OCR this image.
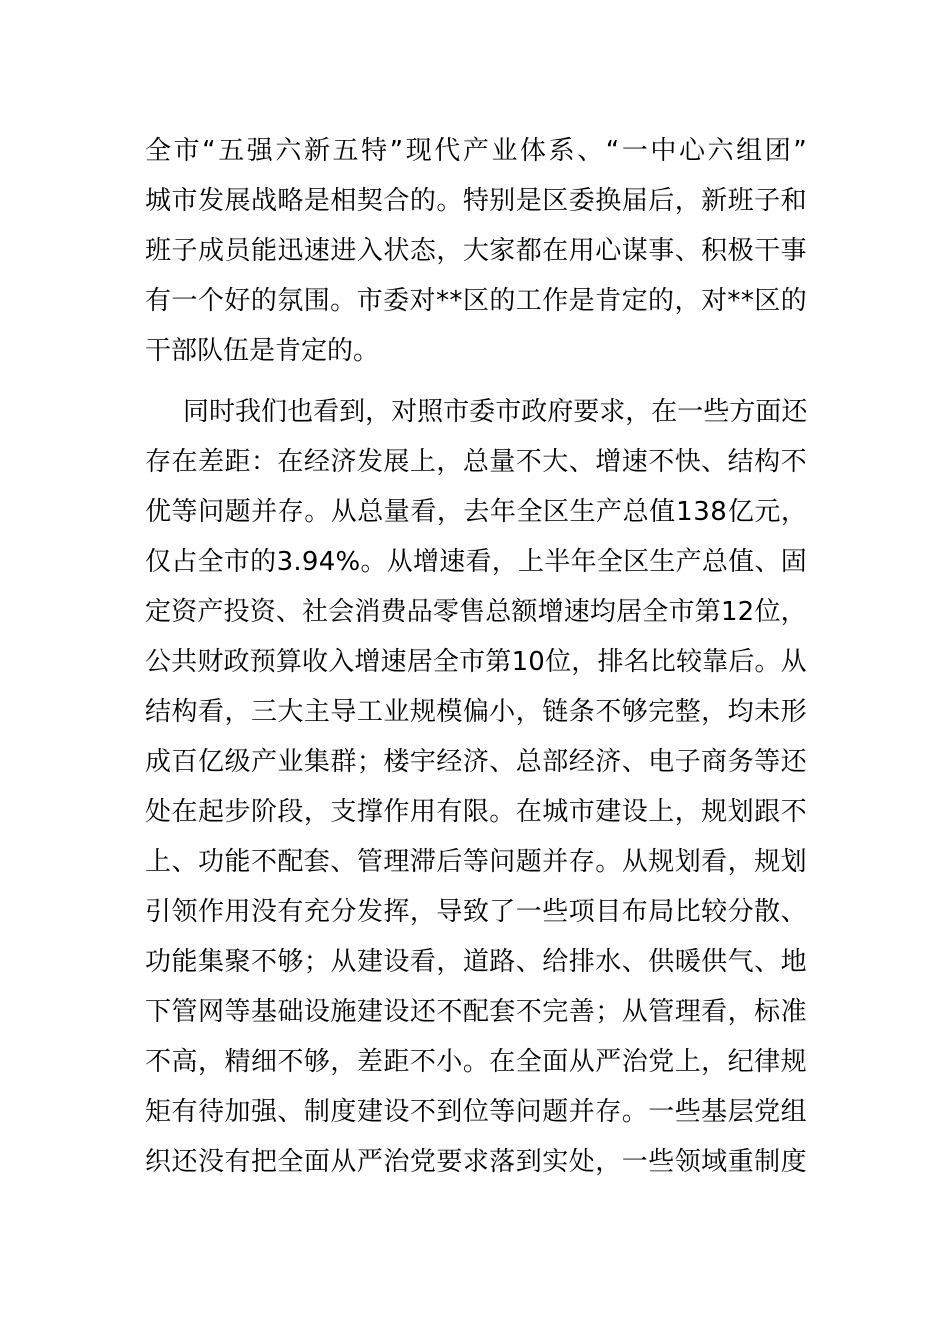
全 市 “ 五 强 六 新 五 特 ” 现 代 产 业 体 系 、 “ 一 中 心 六 组 团 ”
城 市 发 展 战 略 是 相 契 合 的 。 特 别 是 区 委 换 届 后 ， 新 班 子 和
班 子 成 员 能 迅 速 进 入 状 态 ， 大 家 都 在 用 心 谋 事 、 积 极 干 事
有 一 个 好 的 氛 围 。 市 委 对 * * 区 的 工 作 是 肯 定 的 ， 对 * * 区 的
干部队伍是肯定的。
同 时 我 们 也 看 到 ， 对 照 市 委 市 政 府 要 求 ， 在 一 些 方 面 还
存 在 差 距 ： 在 经 济 发 展 上 ， 总 量 不 大 、 增 速 不 快 、 结 构 不
优 等 问 题 并 存 。 从 总 量 看 ， 去 年 全 区 生 产 总 值 1 3 8 亿 元 ，
仅 占 全 市 的 3 . 9 4 % 。 从 增 速 看 ， 上 半 年 全 区 生 产 总 值 、 固
定 资 产 投 资 、 社 会 消 费 品 零 售 总 额 增 速 均 居 全 市 第 1 2 位 ，
公 共 财 政 预 算 收 入 增 速 居 全 市 第 1 0 位 ， 排 名 比 较 靠 后 。 从
结 构 看 ， 三 大 主 导 工 业 规 模 偏 小 ， 链 条 不 够 完 整 ， 均 未 形
成 百 亿 级 产 业 集 群 ； 楼 宇 经 济 、 总 部 经 济 、 电 子 商 务 等 还
处 在 起 步 阶 段 ， 支 撑 作 用 有 限 。 在 城 市 建 设 上 ， 规 划 跟 不
上 、 功 能 不 配 套 、 管 理 滞 后 等 问 题 并 存 。 从 规 划 看 ， 规 划
引 领 作 用 没 有 充 分 发 挥 ， 导 致 了 一 些 项 目 布 局 比 较 分 散 、
功 能 集 聚 不 够 ； 从 建 设 看 ， 道 路 、 给 排 水 、 供 暖 供 气 、 地
下 管 网 等 基 础 设 施 建 设 还 不 配 套 不 完 善 ； 从 管 理 看 ， 标 准
不 高 ， 精 细 不 够 ， 差 距 不 小 。 在 全 面 从 严 治 党 上 ， 纪 律 规
矩 有 待 加 强 、 制 度 建 设 不 到 位 等 问 题 并 存 。 一 些 基 层 党 组
织 还 没 有 把 全 面 从 严 治 党 要 求 落 到 实 处 ， 一 些 领 域 重 制 度
